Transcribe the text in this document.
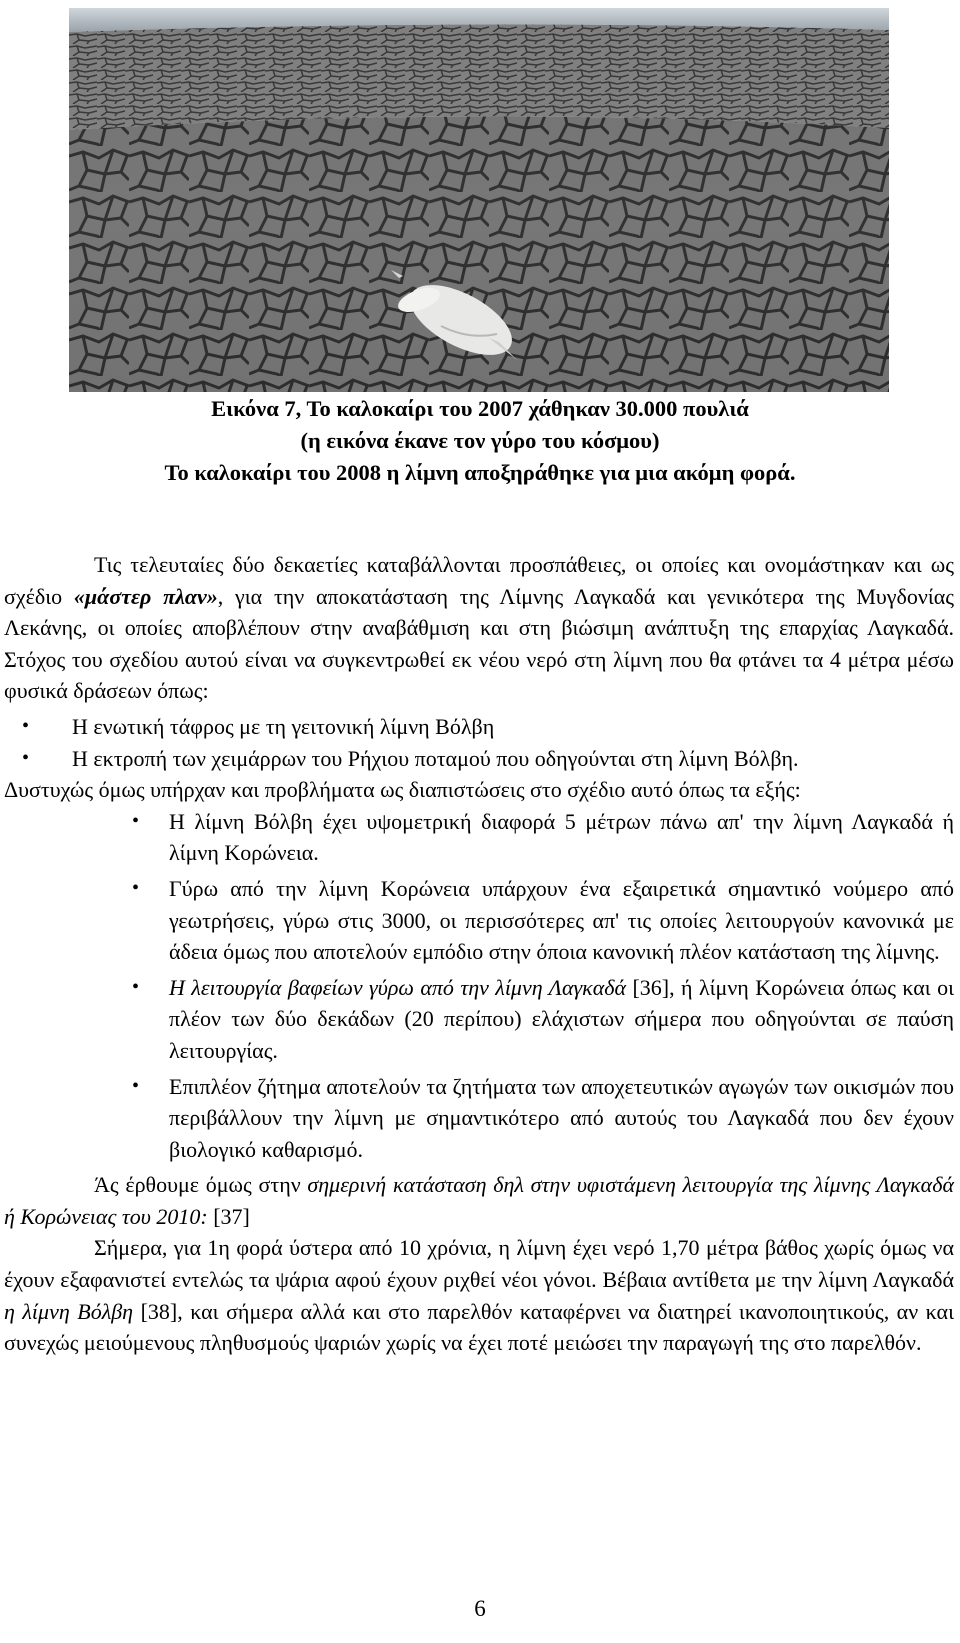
Εικόνα 7, Το καλοκαίρι του 2007 χάθηκαν 30.000 πουλιά
(η εικόνα έκανε τον γύρο του κόσμου)
Το καλοκαίρι του 2008 η λίμνη αποξηράθηκε για μια ακόμη φορά.

Τις τελευταίες δύο δεκαετίες καταβάλλονται προσπάθειες, οι οποίες και ονομάστηκαν και ως σχέδιο «μάστερ πλαν», για την αποκατάσταση της Λίμνης Λαγκαδά και γενικότερα της Μυγδονίας Λεκάνης, οι οποίες αποβλέπουν στην αναβάθμιση και στη βιώσιμη ανάπτυξη της επαρχίας Λαγκαδά. Στόχος του σχεδίου αυτού είναι να συγκεντρωθεί εκ νέου νερό στη λίμνη που θα φτάνει τα 4 μέτρα μέσω φυσικά δράσεων όπως:

• Η ενωτική τάφρος με τη γειτονική λίμνη Βόλβη
• Η εκτροπή των χειμάρρων του Ρήχιου ποταμού που οδηγούνται στη λίμνη Βόλβη.

Δυστυχώς όμως υπήρχαν και προβλήματα ως διαπιστώσεις στο σχέδιο αυτό όπως τα εξής:

• Η λίμνη Βόλβη έχει υψομετρική διαφορά 5 μέτρων πάνω απ' την λίμνη Λαγκαδά ή λίμνη Κορώνεια.
• Γύρω από την λίμνη Κορώνεια υπάρχουν ένα εξαιρετικά σημαντικό νούμερο από γεωτρήσεις, γύρω στις 3000, οι περισσότερες απ' τις οποίες λειτουργούν κανονικά με άδεια όμως που αποτελούν εμπόδιο στην όποια κανονική πλέον κατάσταση της λίμνης.
• Η λειτουργία βαφείων γύρω από την λίμνη Λαγκαδά [36], ή λίμνη Κορώνεια όπως και οι πλέον των δύο δεκάδων (20 περίπου) ελάχιστων σήμερα που οδηγούνται σε παύση λειτουργίας.
• Επιπλέον ζήτημα αποτελούν τα ζητήματα των αποχετευτικών αγωγών των οικισμών που περιβάλλουν την λίμνη με σημαντικότερο από αυτούς του Λαγκαδά που δεν έχουν βιολογικό καθαρισμό.

Άς έρθουμε όμως στην σημερινή κατάσταση δηλ στην υφιστάμενη λειτουργία της λίμνης Λαγκαδά ή Κορώνειας του 2010: [37]

Σήμερα, για 1η φορά ύστερα από 10 χρόνια, η λίμνη έχει νερό 1,70 μέτρα βάθος χωρίς όμως να έχουν εξαφανιστεί εντελώς τα ψάρια αφού έχουν ριχθεί νέοι γόνοι. Βέβαια αντίθετα με την λίμνη Λαγκαδά η λίμνη Βόλβη [38], και σήμερα αλλά και στο παρελθόν καταφέρνει να διατηρεί ικανοποιητικούς, αν και συνεχώς μειούμενους πληθυσμούς ψαριών χωρίς να έχει ποτέ μειώσει την παραγωγή της στο παρελθόν.

6
